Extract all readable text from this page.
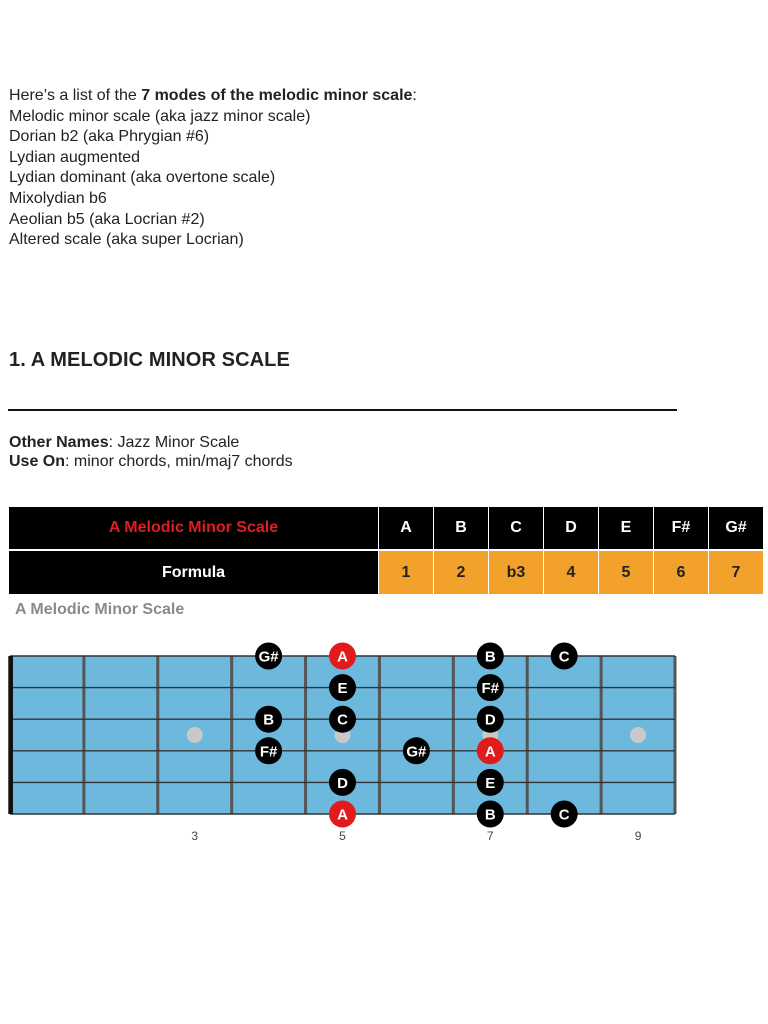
Here’s a list of the 7 modes of the melodic minor scale:
Melodic minor scale (aka jazz minor scale)
Dorian b2 (aka Phrygian #6)
Lydian augmented
Lydian dominant (aka overtone scale)
Mixolydian b6
Aeolian b5 (aka Locrian #2)
Altered scale (aka super Locrian)
1. A MELODIC MINOR SCALE
Other Names: Jazz Minor Scale
Use On: minor chords, min/maj7 chords
A Melodic Minor Scale	A	B	C	D	E	F#	G#
Formula	1	2	b3	4	5	6	7
A Melodic Minor Scale
G#	A	B	C
E	F#
B	C	D
F#	G#	A
D	E
A	B	C
3	5	7	9
